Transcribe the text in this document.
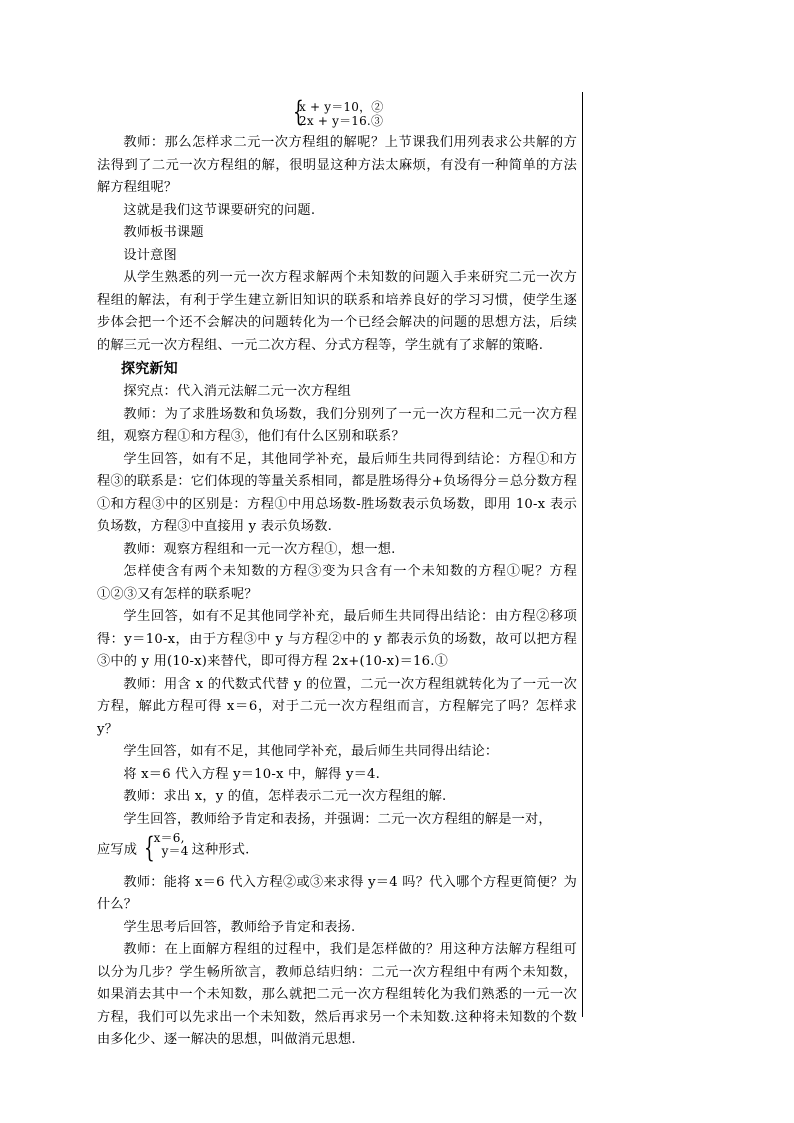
{
x + y＝10，②
2x + y＝16.③

教师：那么怎样求二元一次方程组的解呢？上节课我们用列表求公共解的方法得到了二元一次方程组的解，很明显这种方法太麻烦，有没有一种简单的方法解方程组呢？

这就是我们这节课要研究的问题.

教师板书课题

设计意图

从学生熟悉的列一元一次方程求解两个未知数的问题入手来研究二元一次方程组的解法，有利于学生建立新旧知识的联系和培养良好的学习习惯，使学生逐步体会把一个还不会解决的问题转化为一个已经会解决的问题的思想方法，后续的解三元一次方程组、一元二次方程、分式方程等，学生就有了求解的策略.

探究新知

探究点：代入消元法解二元一次方程组

教师：为了求胜场数和负场数，我们分别列了一元一次方程和二元一次方程组，观察方程①和方程③，他们有什么区别和联系？

学生回答，如有不足，其他同学补充，最后师生共同得到结论：方程①和方程③的联系是：它们体现的等量关系相同，都是胜场得分+负场得分＝总分数方程①和方程③中的区别是：方程①中用总场数-胜场数表示负场数，即用 10-x 表示负场数，方程③中直接用 y 表示负场数.

教师：观察方程组和一元一次方程①，想一想.

怎样使含有两个未知数的方程③变为只含有一个未知数的方程①呢？方程①②③又有怎样的联系呢？

学生回答，如有不足其他同学补充，最后师生共同得出结论：由方程②移项得：y＝10-x，由于方程③中 y 与方程②中的 y 都表示负的场数，故可以把方程③中的 y 用(10-x)来替代，即可得方程 2x+(10-x)＝16.①

教师：用含 x 的代数式代替 y 的位置，二元一次方程组就转化为了一元一次方程，解此方程可得 x＝6，对于二元一次方程组而言，方程解完了吗？怎样求 y？

学生回答，如有不足，其他同学补充，最后师生共同得出结论：

将 x＝6 代入方程 y＝10-x 中，解得 y＝4.

教师：求出 x，y 的值，怎样表示二元一次方程组的解.

学生回答，教师给予肯定和表扬，并强调：二元一次方程组的解是一对，

应写成 { x＝6,
y＝4 这种形式.

教师：能将 x＝6 代入方程②或③来求得 y＝4 吗？代入哪个方程更简便？为什么？

学生思考后回答，教师给予肯定和表扬.

教师：在上面解方程组的过程中，我们是怎样做的？用这种方法解方程组可以分为几步？学生畅所欲言，教师总结归纳：二元一次方程组中有两个未知数，如果消去其中一个未知数，那么就把二元一次方程组转化为我们熟悉的一元一次方程，我们可以先求出一个未知数，然后再求另一个未知数.这种将未知数的个数由多化少、逐一解决的思想，叫做消元思想.
